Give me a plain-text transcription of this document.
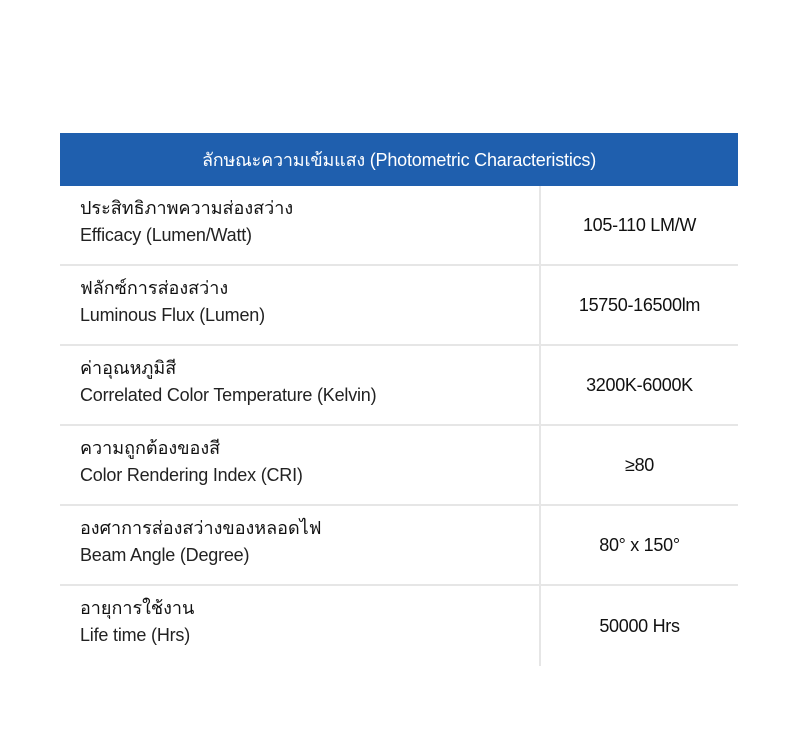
ลักษณะความเข้มแสง (Photometric Characteristics)
ประสิทธิภาพความส่องสว่าง
Efficacy (Lumen/Watt)
105-110 LM/W
ฟลักซ์การส่องสว่าง
Luminous Flux (Lumen)
15750-16500lm
ค่าอุณหภูมิสี
Correlated Color Temperature (Kelvin)
3200K-6000K
ความถูกต้องของสี
Color Rendering Index (CRI)
≥80
องศาการส่องสว่างของหลอดไฟ
Beam Angle (Degree)
80° x 150°
อายุการใช้งาน
Life time (Hrs)	50000 Hrs
